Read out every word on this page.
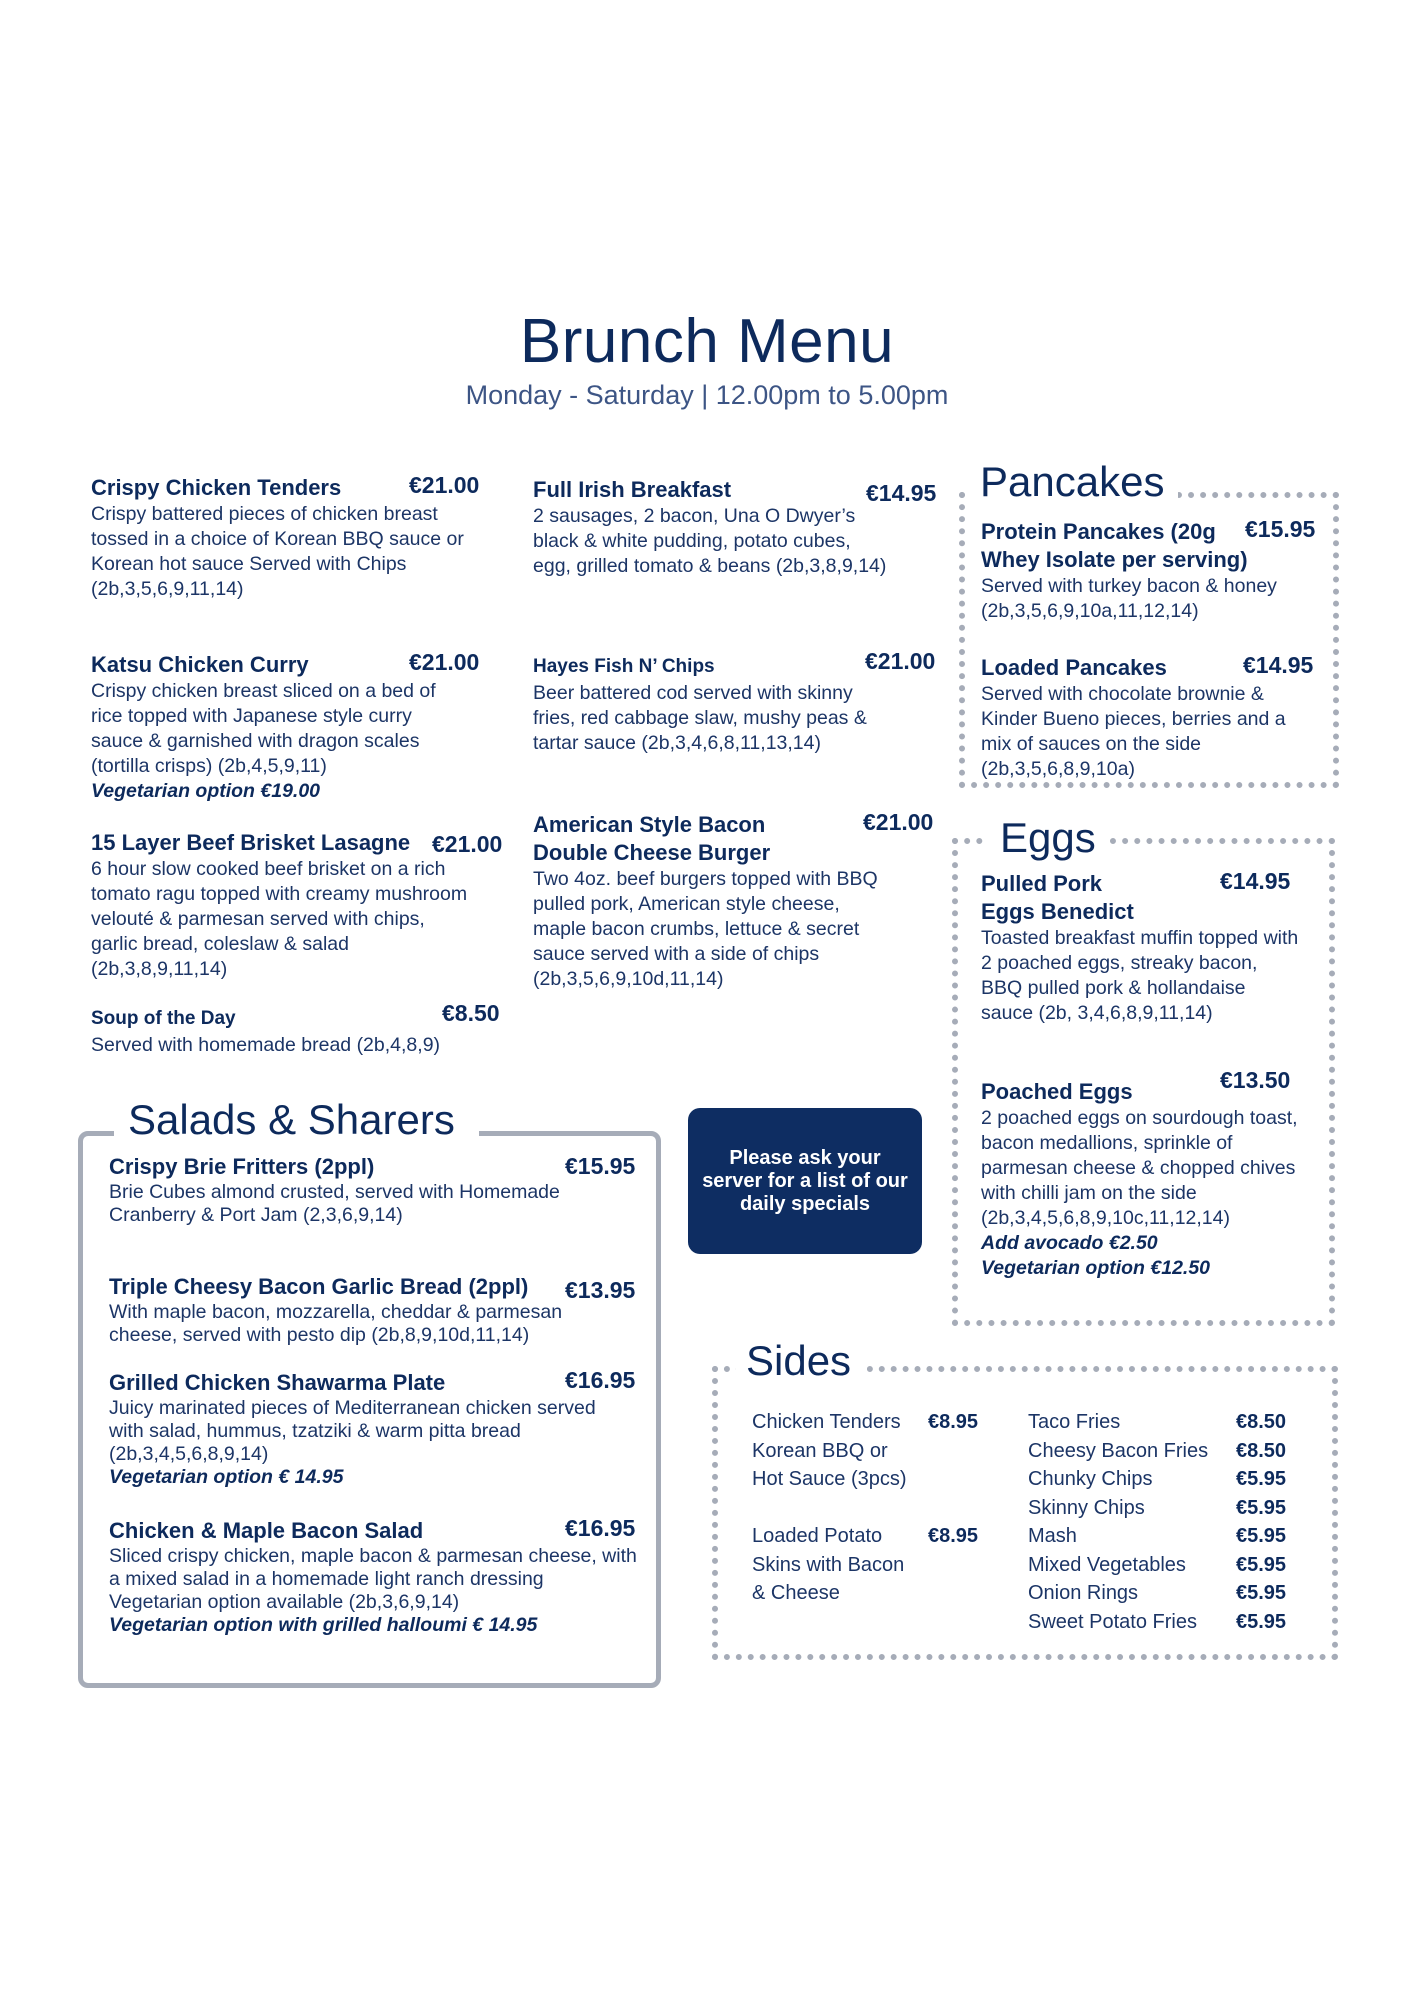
Brunch Menu
Monday - Saturday | 12.00pm to 5.00pm
Crispy Chicken Tenders	€21.00
Crispy battered pieces of chicken breast tossed in a choice of Korean BBQ sauce or Korean hot sauce Served with Chips (2b,3,5,6,9,11,14)
Katsu Chicken Curry	€21.00
Crispy chicken breast sliced on a bed of rice topped with Japanese style curry sauce & garnished with dragon scales (tortilla crisps) (2b,4,5,9,11)
Vegetarian option €19.00
15 Layer Beef Brisket Lasagne €21.00
6 hour slow cooked beef brisket on a rich tomato ragu topped with creamy mushroom velouté & parmesan served with chips, garlic bread, coleslaw & salad (2b,3,8,9,11,14)
Soup of the Day	€8.50
Served with homemade bread (2b,4,8,9)
Full Irish Breakfast	€14.95
2 sausages, 2 bacon, Una O Dwyer’s black & white pudding, potato cubes, egg, grilled tomato & beans (2b,3,8,9,14)
Hayes Fish N’ Chips	€21.00
Beer battered cod served with skinny fries, red cabbage slaw, mushy peas & tartar sauce (2b,3,4,6,8,11,13,14)
American Style Bacon
Double Cheese Burger
€21.00
Two 4oz. beef burgers topped with BBQ pulled pork, American style cheese, maple bacon crumbs, lettuce & secret sauce served with a side of chips (2b,3,5,6,9,10d,11,14)
Pancakes
Protein Pancakes (20g Whey Isolate per serving)
€15.95
Served with turkey bacon & honey (2b,3,5,6,9,10a,11,12,14)
Loaded Pancakes	€14.95
Served with chocolate brownie & Kinder Bueno pieces, berries and a mix of sauces on the side (2b,3,5,6,8,9,10a)
Eggs
Pulled Pork
Eggs Benedict
€14.95
Toasted breakfast muffin topped with 2 poached eggs, streaky bacon, BBQ pulled pork & hollandaise sauce (2b, 3,4,6,8,9,11,14)
Poached Eggs	€13.50
2 poached eggs on sourdough toast, bacon medallions, sprinkle of parmesan cheese & chopped chives with chilli jam on the side (2b,3,4,5,6,8,9,10c,11,12,14)
Add avocado €2.50
Vegetarian option €12.50
Salads & Sharers
Crispy Brie Fritters (2ppl)	€15.95
Brie Cubes almond crusted, served with Homemade Cranberry & Port Jam (2,3,6,9,14)
Triple Cheesy Bacon Garlic Bread (2ppl)	€13.95
With maple bacon, mozzarella, cheddar & parmesan cheese, served with pesto dip (2b,8,9,10d,11,14)
Grilled Chicken Shawarma Plate	€16.95
Juicy marinated pieces of Mediterranean chicken served with salad, hummus, tzatziki & warm pitta bread (2b,3,4,5,6,8,9,14)
Vegetarian option € 14.95
Chicken & Maple Bacon Salad	€16.95
Sliced crispy chicken, maple bacon & parmesan cheese, with a mixed salad in a homemade light ranch dressing Vegetarian option available (2b,3,6,9,14)
Vegetarian option with grilled halloumi € 14.95
Please ask your server for a list of our daily specials
Sides
Chicken Tenders €8.95
Korean BBQ or
Hot Sauce (3pcs)
Loaded Potato €8.95
Skins with Bacon
& Cheese
Taco Fries	€8.50
Cheesy Bacon Fries €8.50
Chunky Chips	€5.95
Skinny Chips	€5.95
Mash	€5.95
Mixed Vegetables	€5.95
Onion Rings	€5.95
Sweet Potato Fries €5.95
